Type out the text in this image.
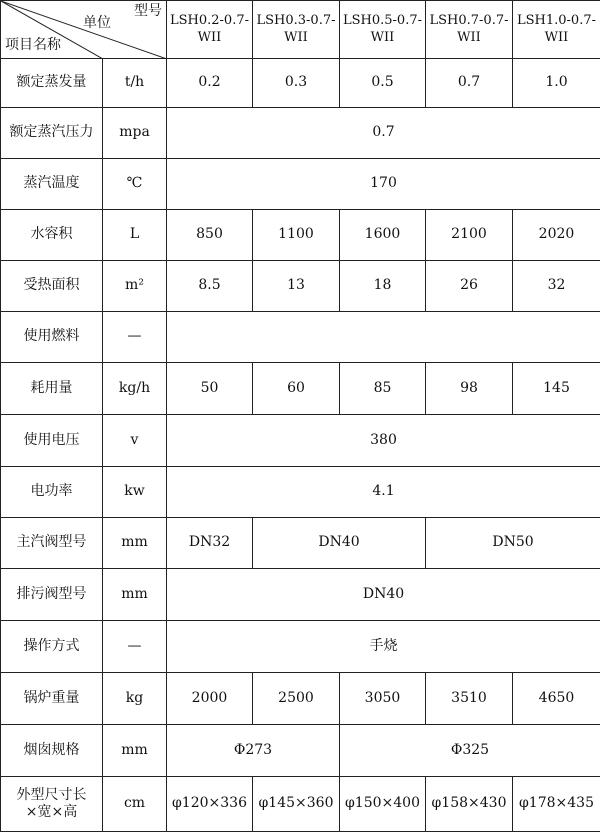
型号
单位
项目名称		LSH0.2-0.7-WII	LSH0.3-0.7-WII	LSH0.5-0.7-WII	LSH0.7-0.7-WII	LSH1.0-0.7-WII
额定蒸发量	t/h	0.2	0.3	0.5	0.7	1.0

额定蒸汽压力	mpa	0.7				
蒸汽温度	℃	170				
水容积	L	850	1100	1600	2100	2020
受热面积	m²	8.5	13	18	26	32
使用燃料	—					
耗用量	kg/h	50	60	85	98	145
使用电压	v	380				
电功率	kw	4.1				
主汽阀型号	mm	DN32	DN40		DN50	
排污阀型号	mm	DN40				
操作方式	—	手烧				
锅炉重量	kg	2000	2500	3050	3510	4650
烟囱规格	mm	Φ273		Φ325		

外型尺寸长×宽×高	cm	φ120×336	φ145×360	φ150×400	φ158×430	φ178×435
